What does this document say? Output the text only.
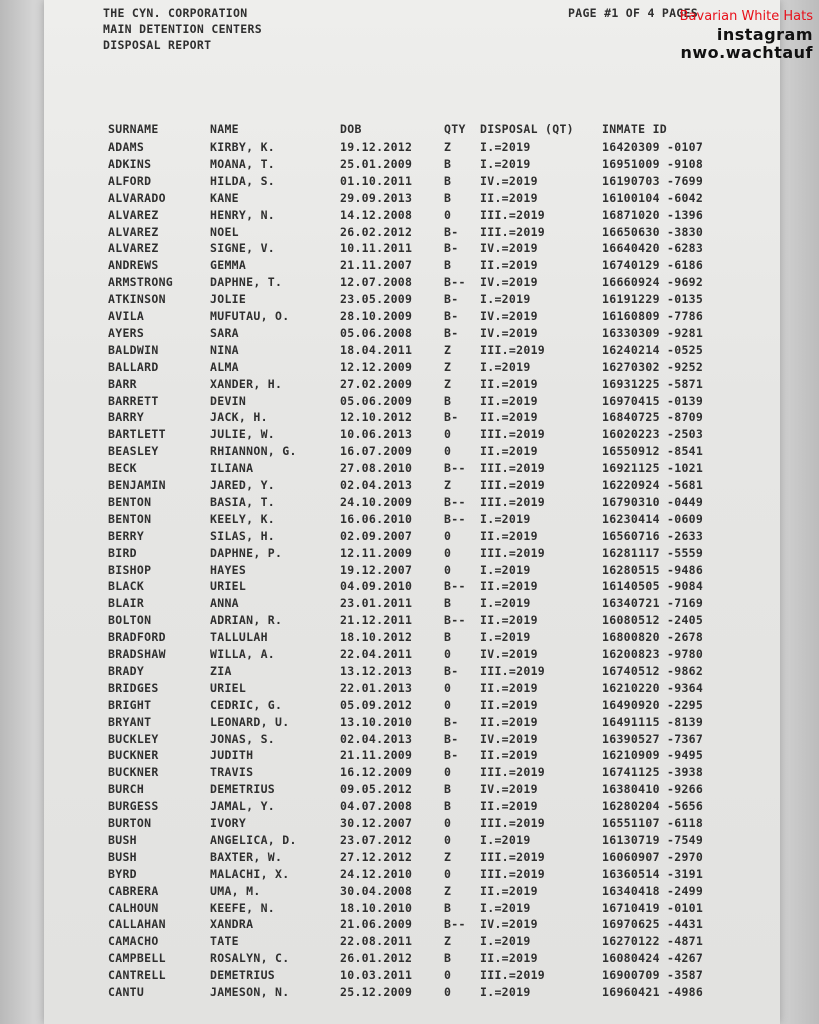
THE CYN. CORPORATION
MAIN DETENTION CENTERS
DISPOSAL REPORT
PAGE #1 OF 4 PAGES
Bavarian White Hats
instagram
nwo.wachtauf
SURNAME	NAME	DOB	QTY DISPOSAL (QT) INMATE ID
ADAMS	KIRBY, K.	19.12.2012	Z	I.=2019	16420309 -0107
ADKINS	MOANA, T.	25.01.2009	B	I.=2019	16951009 -9108
ALFORD	HILDA, S.	01.10.2011	B	IV.=2019	16190703 -7699
ALVARADO	KANE	29.09.2013	B	II.=2019	16100104 -6042
ALVAREZ	HENRY, N.	14.12.2008	0	III.=2019	16871020 -1396
ALVAREZ	NOEL	26.02.2012	B- III.=2019	16650630 -3830
ALVAREZ	SIGNE, V.	10.11.2011	B- IV.=2019	16640420 -6283
ANDREWS	GEMMA	21.11.2007	B	II.=2019	16740129 -6186
ARMSTRONG	DAPHNE, T.	12.07.2008	B-- IV.=2019	16660924 -9692
ATKINSON	JOLIE	23.05.2009	B- I.=2019	16191229 -0135
AVILA	MUFUTAU, O.	28.10.2009	B- IV.=2019	16160809 -7786
AYERS	SARA	05.06.2008	B- IV.=2019	16330309 -9281
BALDWIN	NINA	18.04.2011	Z	III.=2019	16240214 -0525
BALLARD	ALMA	12.12.2009	Z	I.=2019	16270302 -9252
BARR	XANDER, H.	27.02.2009	Z	II.=2019	16931225 -5871
BARRETT	DEVIN	05.06.2009	B	II.=2019	16970415 -0139
BARRY	JACK, H.	12.10.2012	B- II.=2019	16840725 -8709
BARTLETT	JULIE, W.	10.06.2013	0	III.=2019	16020223 -2503
BEASLEY	RHIANNON, G.	16.07.2009	0	II.=2019	16550912 -8541
BECK	ILIANA	27.08.2010	B-- III.=2019	16921125 -1021
BENJAMIN	JARED, Y.	02.04.2013	Z	III.=2019	16220924 -5681
BENTON	BASIA, T.	24.10.2009	B-- III.=2019	16790310 -0449
BENTON	KEELY, K.	16.06.2010	B-- I.=2019	16230414 -0609
BERRY	SILAS, H.	02.09.2007	0	II.=2019	16560716 -2633
BIRD	DAPHNE, P.	12.11.2009	0	III.=2019	16281117 -5559
BISHOP	HAYES	19.12.2007	0	I.=2019	16280515 -9486
BLACK	URIEL	04.09.2010	B-- II.=2019	16140505 -9084
BLAIR	ANNA	23.01.2011	B	I.=2019	16340721 -7169
BOLTON	ADRIAN, R.	21.12.2011	B-- II.=2019	16080512 -2405
BRADFORD	TALLULAH	18.10.2012	B	I.=2019	16800820 -2678
BRADSHAW	WILLA, A.	22.04.2011	0	IV.=2019	16200823 -9780
BRADY	ZIA	13.12.2013	B- III.=2019	16740512 -9862
BRIDGES	URIEL	22.01.2013	0	II.=2019	16210220 -9364
BRIGHT	CEDRIC, G.	05.09.2012	0	II.=2019	16490920 -2295
BRYANT	LEONARD, U.	13.10.2010	B- II.=2019	16491115 -8139
BUCKLEY	JONAS, S.	02.04.2013	B- IV.=2019	16390527 -7367
BUCKNER	JUDITH	21.11.2009	B- II.=2019	16210909 -9495
BUCKNER	TRAVIS	16.12.2009	0	III.=2019	16741125 -3938
BURCH	DEMETRIUS	09.05.2012	B	IV.=2019	16380410 -9266
BURGESS	JAMAL, Y.	04.07.2008	B	II.=2019	16280204 -5656
BURTON	IVORY	30.12.2007	0	III.=2019	16551107 -6118
BUSH	ANGELICA, D.	23.07.2012	0	I.=2019	16130719 -7549
BUSH	BAXTER, W.	27.12.2012	Z	III.=2019	16060907 -2970
BYRD	MALACHI, X.	24.12.2010	0	III.=2019	16360514 -3191
CABRERA	UMA, M.	30.04.2008	Z	II.=2019	16340418 -2499
CALHOUN	KEEFE, N.	18.10.2010	B	I.=2019	16710419 -0101
CALLAHAN	XANDRA	21.06.2009	B-- IV.=2019	16970625 -4431
CAMACHO	TATE	22.08.2011	Z	I.=2019	16270122 -4871
CAMPBELL	ROSALYN, C.	26.01.2012	B	II.=2019	16080424 -4267
CANTRELL	DEMETRIUS	10.03.2011	0	III.=2019	16900709 -3587
CANTU	JAMESON, N.	25.12.2009	0	I.=2019	16960421 -4986
